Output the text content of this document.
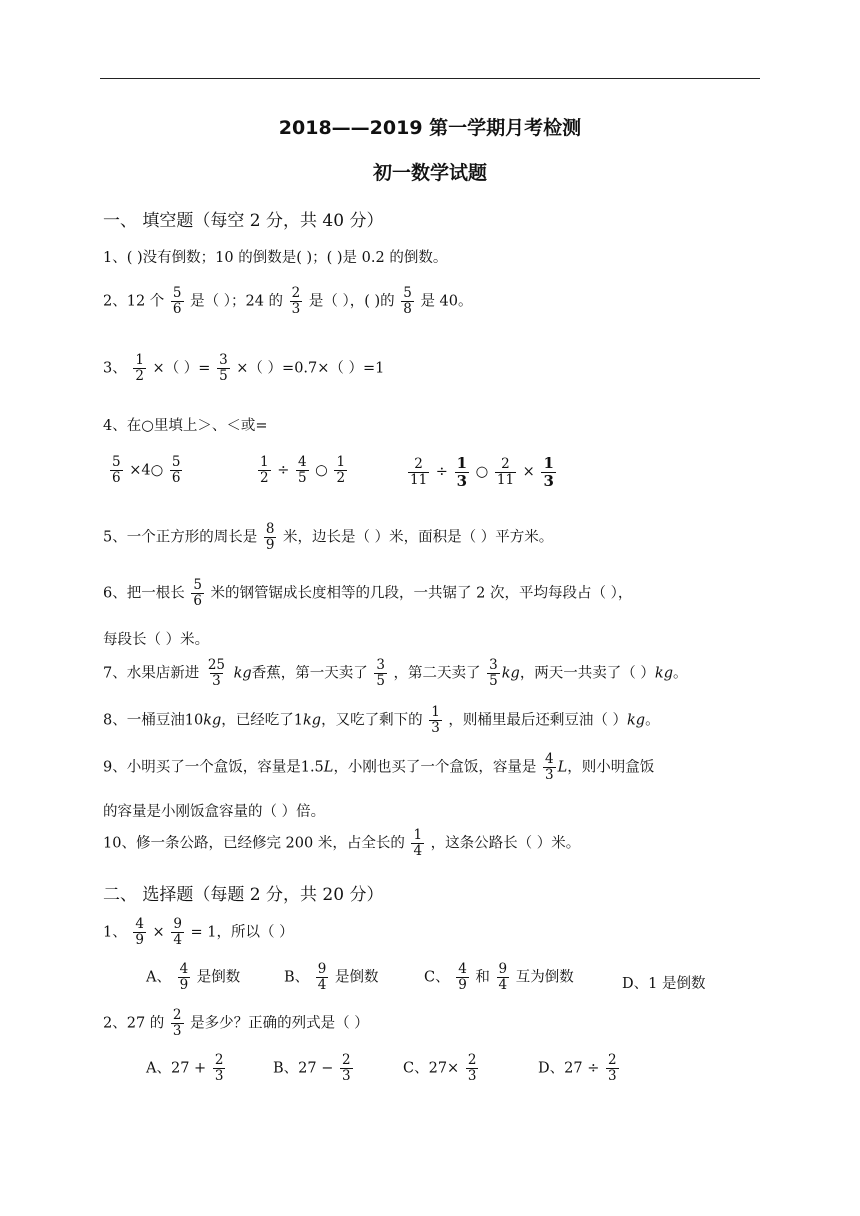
2018——2019 第一学期月考检测
初一数学试题
一、 填空题（每空 2 分，共 40 分）
1、( )没有倒数；10 的倒数是( )；( )是 0.2 的倒数。
2、12 个 $\frac{5}{6}$ 是（ ）；24 的 $\frac{2}{3}$ 是（ ），( )的 $\frac{5}{8}$ 是 40。
3、 $\frac{1}{2}$ ×（ ）= $\frac{3}{5}$ ×（ ）=0.7×（ ）=1
4、在○里填上＞、＜或=
$\frac{5}{6}$ ×4○ $\frac{5}{6}$	$\frac{1}{2} \div \frac{4}{5}$ ○ $\frac{1}{2}$	$\frac{2}{11} \div \frac{1}{3}$ ○ $\frac{2}{11} \times \frac{1}{3}$
5、一个正方形的周长是 $\frac{8}{9}$ 米，边长是（ ）米，面积是（ ）平方米。
6、把一根长 $\frac{5}{6}$ 米的钢管锯成长度相等的几段，一共锯了 2 次，平均每段占（ ），
每段长（ ）米。
7、水果店新进 $\frac{25}{3}$ kg香蕉，第一天卖了 $\frac{3}{5}$ ，第二天卖了 $\frac{3}{5}$ kg，两天一共卖了（ ）kg。
8、一桶豆油10kg，已经吃了1kg，又吃了剩下的 $\frac{1}{3}$ ，则桶里最后还剩豆油（ ）kg。
9、小明买了一个盒饭，容量是1.5L，小刚也买了一个盒饭，容量是 $\frac{4}{3}$ L，则小明盒饭
的容量是小刚饭盒容量的（ ）倍。
10、修一条公路，已经修完 200 米，占全长的 $\frac{1}{4}$ ，这条公路长（ ）米。
二、 选择题（每题 2 分，共 20 分）
1、 $\frac{4}{9} \times \frac{9}{4} = 1$，所以（ ）
A、 $\frac{4}{9}$ 是倒数	B、 $\frac{9}{4}$ 是倒数	C、 $\frac{4}{9}$ 和 $\frac{9}{4}$ 互为倒数	D、1 是倒数
2、27 的 $\frac{2}{3}$ 是多少？正确的列式是（ ）
A、$27 + \frac{2}{3}$	B、$27 - \frac{2}{3}$	C、$27\times \frac{2}{3}$	D、$27 \div \frac{2}{3}$
